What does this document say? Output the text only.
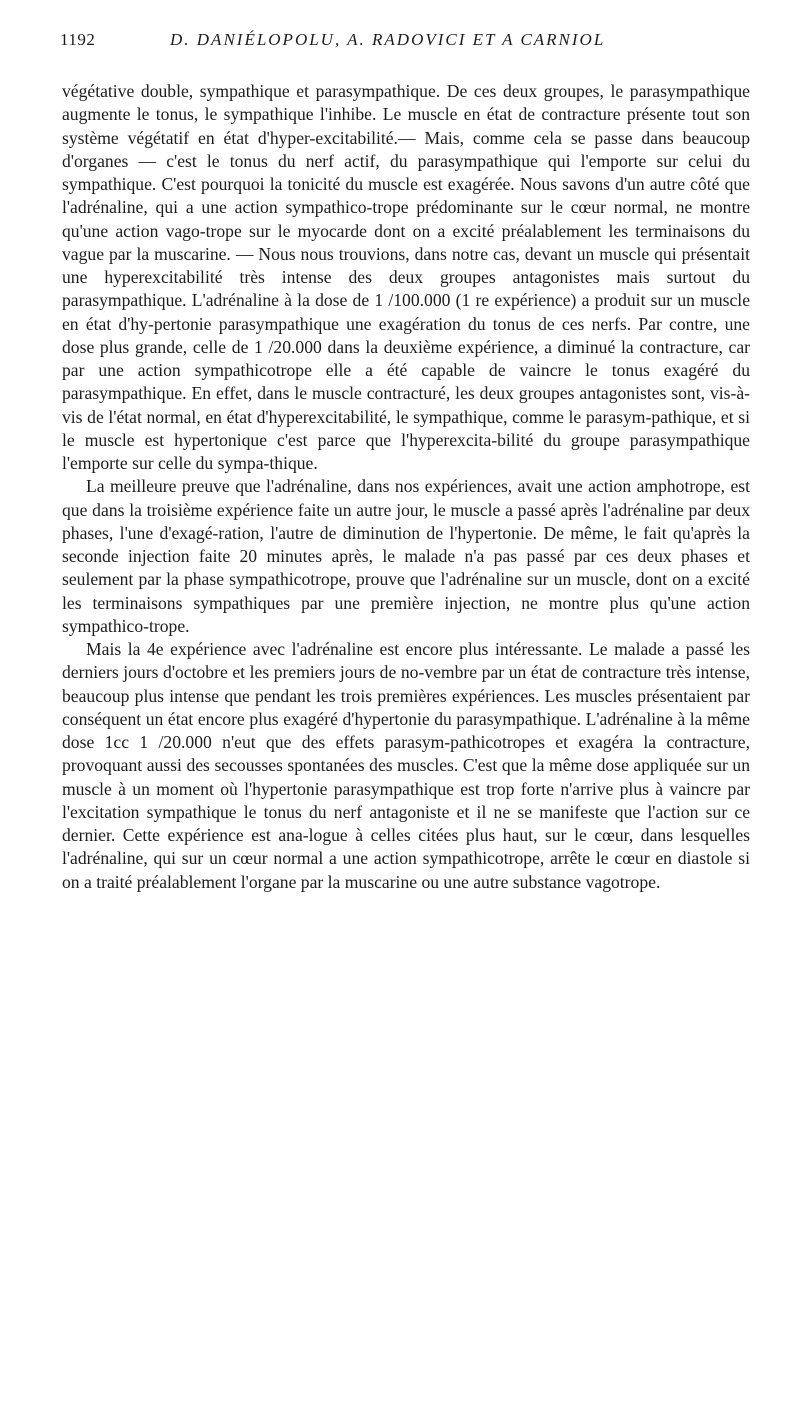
1192	D. DANIÉLOPOLU, A. RADOVICI ET A CARNIOL

végétative double, sympathique et parasympathique. De ces deux groupes, le parasympathique augmente le tonus, le sympathique l'inhibe. Le muscle en état de contracture présente tout son système végétatif en état d'hyper-excitabilité.— Mais, comme cela se passe dans beaucoup d'organes — c'est le tonus du nerf actif, du parasympathique qui l'emporte sur celui du sympathique. C'est pourquoi la tonicité du muscle est exagérée. Nous savons d'un autre côté que l'adrénaline, qui a une action sympathico-trope prédominante sur le cœur normal, ne montre qu'une action vago-trope sur le myocarde dont on a excité préalablement les terminaisons du vague par la muscarine. — Nous nous trouvions, dans notre cas, devant un muscle qui présentait une hyperexcitabilité très intense des deux groupes antagonistes mais surtout du parasympathique. L'adrénaline à la dose de 1 /100.000 (1 re expérience) a produit sur un muscle en état d'hy-pertonie parasympathique une exagération du tonus de ces nerfs. Par contre, une dose plus grande, celle de 1 /20.000 dans la deuxième expérience, a diminué la contracture, car par une action sympathicotrope elle a été capable de vaincre le tonus exagéré du parasympathique. En effet, dans le muscle contracturé, les deux groupes antagonistes sont, vis-à-vis de l'état normal, en état d'hyperexcitabilité, le sympathique, comme le parasym-pathique, et si le muscle est hypertonique c'est parce que l'hyperexcita-bilité du groupe parasympathique l'emporte sur celle du sympa-thique.

La meilleure preuve que l'adrénaline, dans nos expériences, avait une action amphotrope, est que dans la troisième expérience faite un autre jour, le muscle a passé après l'adrénaline par deux phases, l'une d'exagé-ration, l'autre de diminution de l'hypertonie. De même, le fait qu'après la seconde injection faite 20 minutes après, le malade n'a pas passé par ces deux phases et seulement par la phase sympathicotrope, prouve que l'adrénaline sur un muscle, dont on a excité les terminaisons sympathiques par une première injection, ne montre plus qu'une action sympathico-trope.

Mais la 4e expérience avec l'adrénaline est encore plus intéressante. Le malade a passé les derniers jours d'octobre et les premiers jours de no-vembre par un état de contracture très intense, beaucoup plus intense que pendant les trois premières expériences. Les muscles présentaient par conséquent un état encore plus exagéré d'hypertonie du parasympathique. L'adrénaline à la même dose 1cc 1 /20.000 n'eut que des effets parasym-pathicotropes et exagéra la contracture, provoquant aussi des secousses spontanées des muscles. C'est que la même dose appliquée sur un muscle à un moment où l'hypertonie parasympathique est trop forte n'arrive plus à vaincre par l'excitation sympathique le tonus du nerf antagoniste et il ne se manifeste que l'action sur ce dernier. Cette expérience est ana-logue à celles citées plus haut, sur le cœur, dans lesquelles l'adrénaline, qui sur un cœur normal a une action sympathicotrope, arrête le cœur en diastole si on a traité préalablement l'organe par la muscarine ou une autre substance vagotrope.
